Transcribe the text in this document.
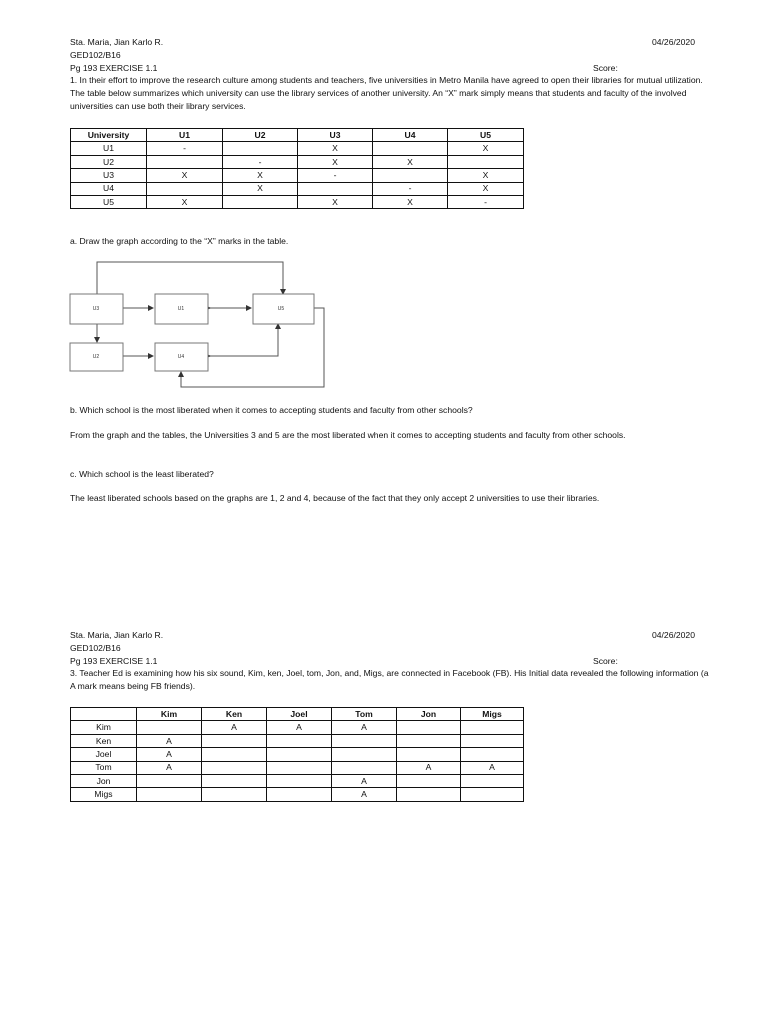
Sta. Maria, Jian Karlo R.	04/26/2020
GED102/B16
Pg 193 EXERCISE 1.1	Score:
1. In their effort to improve the research culture among students and teachers, five universities in Metro Manila have agreed to open their libraries for mutual utilization. The table below summarizes which university can use the library services of another university. An “X” mark simply means that students and faculty of the involved universities can use both their library services.
University	U1	U2	U3	U4	U5
U1	-		X		X
U2		-	X	X	
U3	X	X	-		X
U4		X		-	X
U5	X		X	X	-
a. Draw the graph according to the “X” marks in the table.
U3	U1	U5
U2	U4
b. Which school is the most liberated when it comes to accepting students and faculty from other schools?
From the graph and the tables, the Universities 3 and 5 are the most liberated when it comes to accepting students and faculty from other schools.
c. Which school is the least liberated?
The least liberated schools based on the graphs are 1, 2 and 4, because of the fact that they only accept 2 universities to use their libraries.
Sta. Maria, Jian Karlo R.	04/26/2020
GED102/B16
Pg 193 EXERCISE 1.1	Score:
3. Teacher Ed is examining how his six sound, Kim, ken, Joel, tom, Jon, and, Migs, are connected in Facebook (FB). His Initial data revealed the following information (a A mark means being FB friends).
	Kim	Ken	Joel	Tom	Jon	Migs
Kim		A	A	A		
Ken	A					
Joel	A					
Tom	A				A	A
Jon				A		
Migs				A		
